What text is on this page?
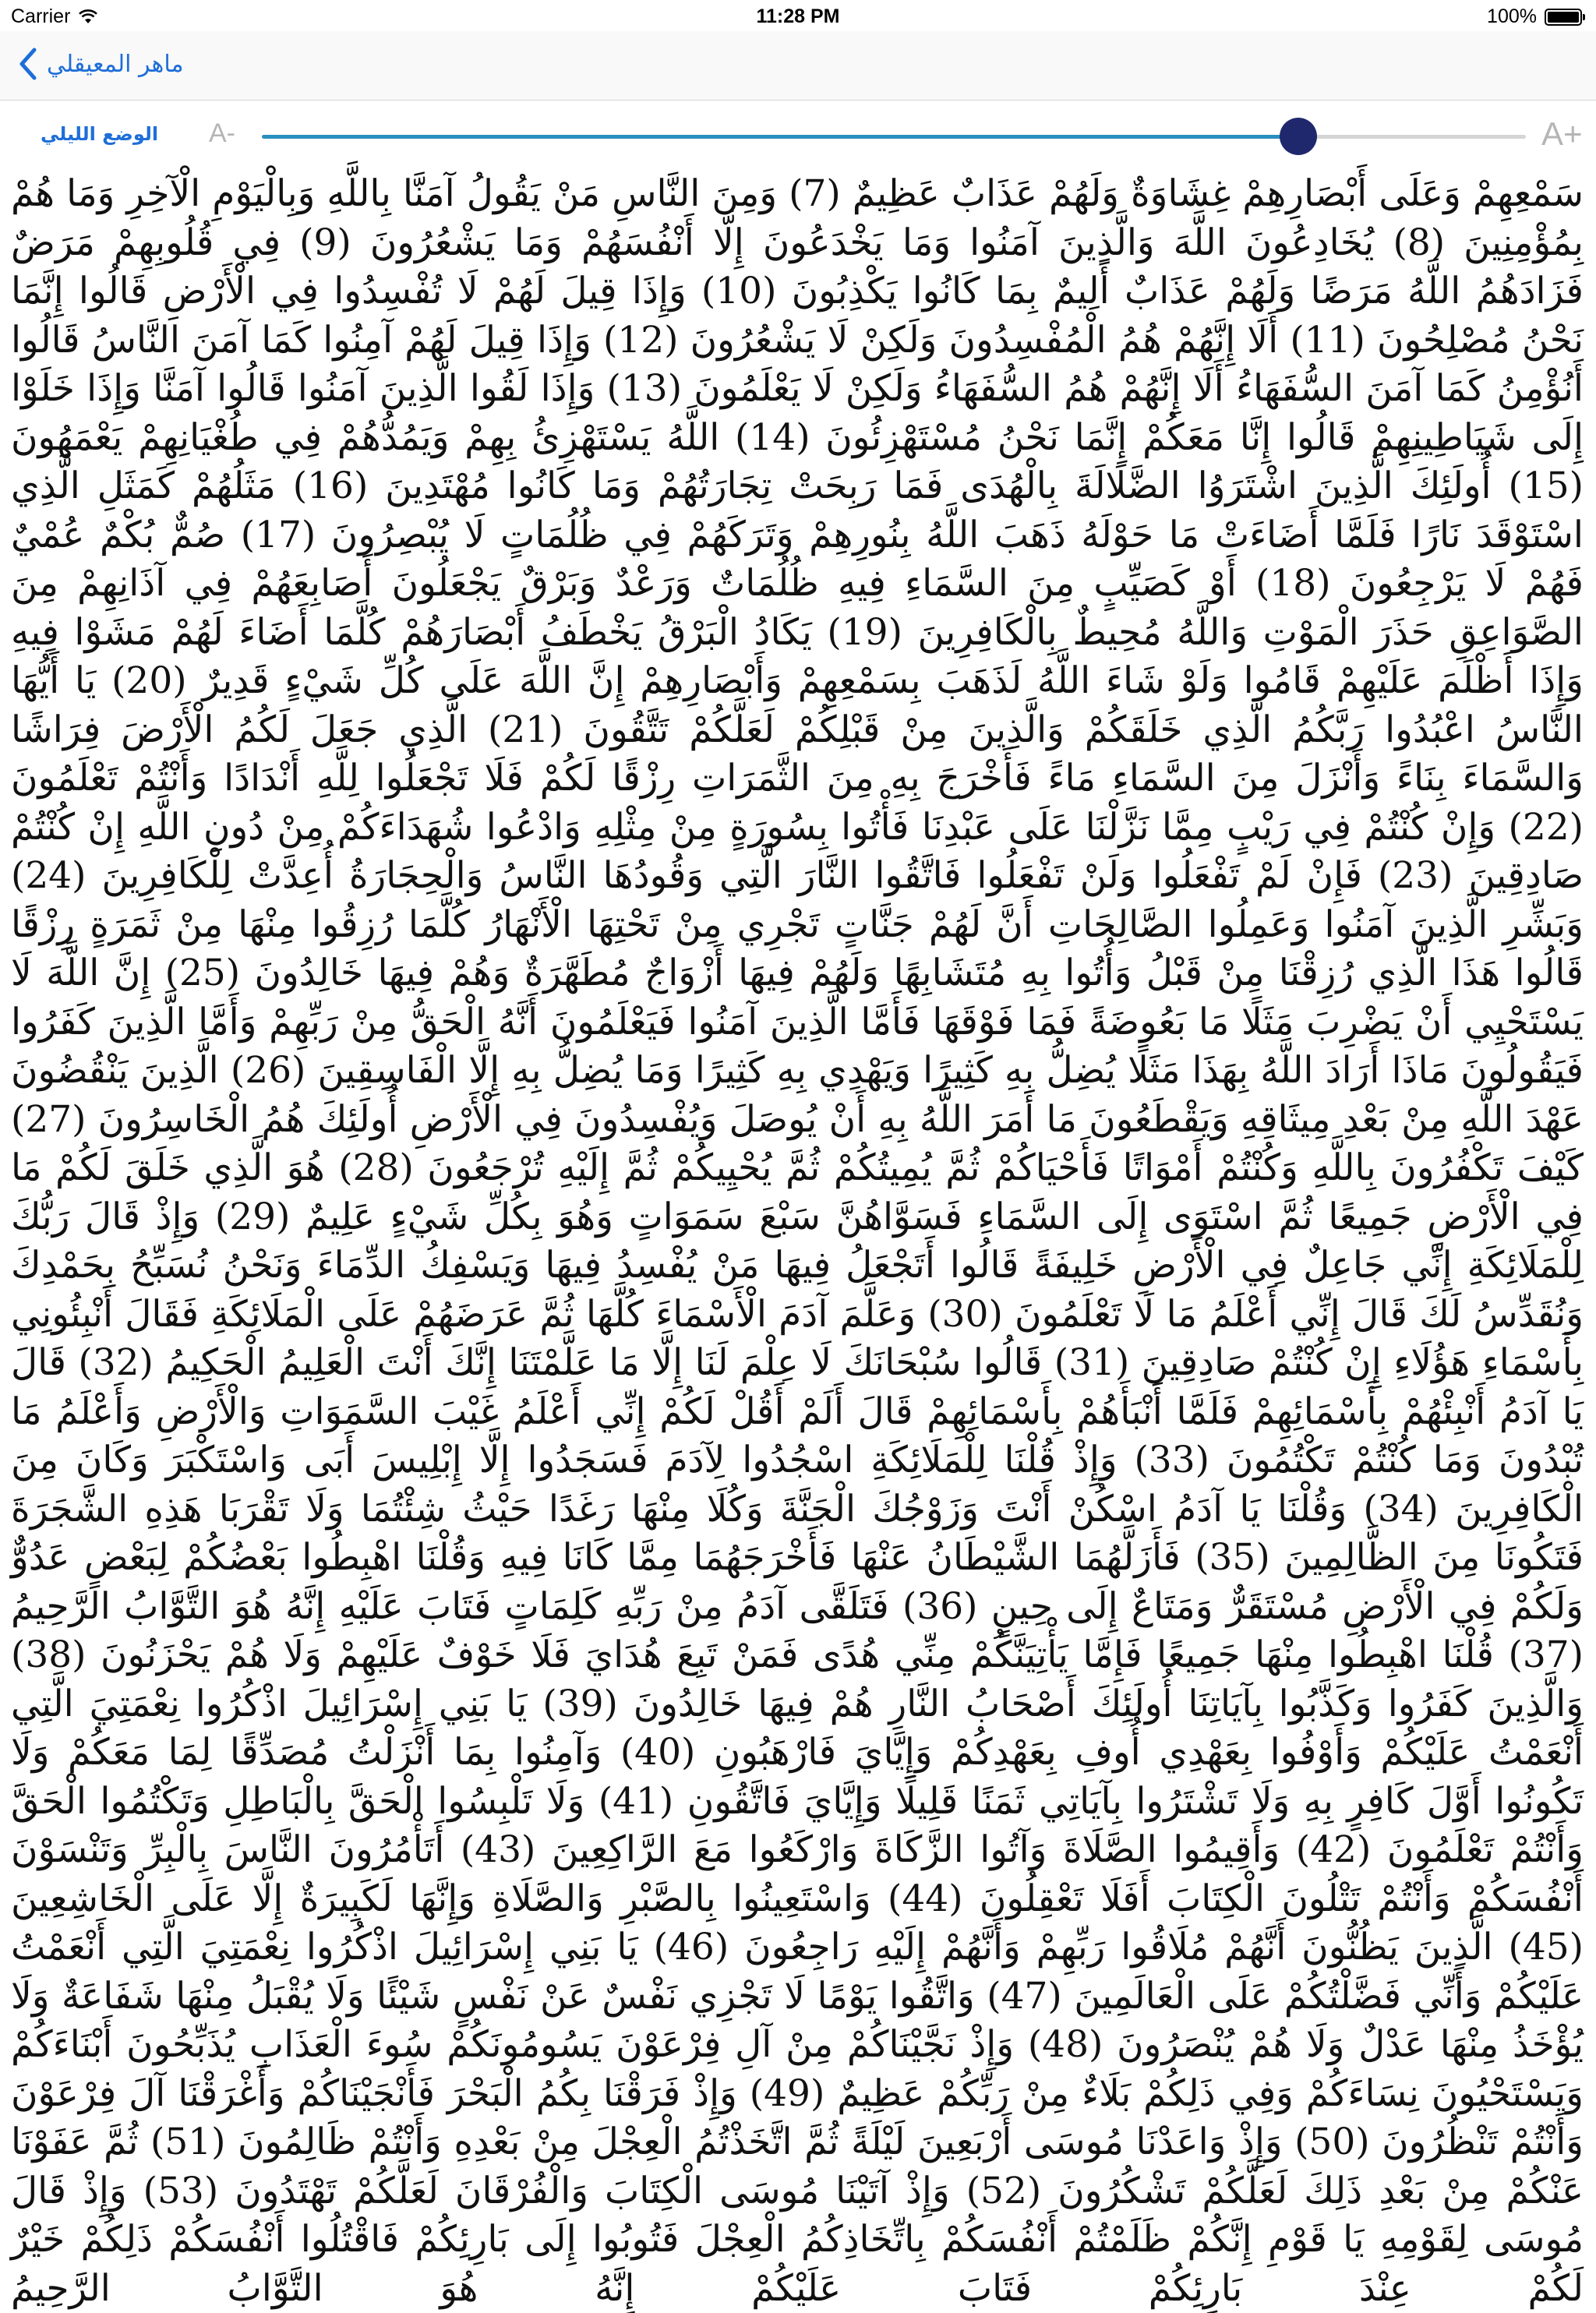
Carrier	11:28 PM	100%
ماهر المعيقلي
الوضع الليلي A-	A+
سَمْعِهِمْ وَعَلَى أَبْصَارِهِمْ غِشَاوَةٌ وَلَهُمْ عَذَابٌ عَظِيمٌ (7) وَمِنَ النَّاسِ مَنْ يَقُولُ آمَنَّا بِاللَّهِ وَبِالْيَوْمِ الْآخِرِ وَمَا هُمْ بِمُؤْمِنِينَ (8) يُخَادِعُونَ اللَّهَ وَالَّذِينَ آمَنُوا وَمَا يَخْدَعُونَ إِلَّا أَنْفُسَهُمْ وَمَا يَشْعُرُونَ (9) فِي قُلُوبِهِمْ مَرَضٌ فَزَادَهُمُ اللَّهُ مَرَضًا وَلَهُمْ عَذَابٌ أَلِيمٌ بِمَا كَانُوا يَكْذِبُونَ (10) وَإِذَا قِيلَ لَهُمْ لَا تُفْسِدُوا فِي الْأَرْضِ قَالُوا إِنَّمَا نَحْنُ مُصْلِحُونَ (11) أَلَا إِنَّهُمْ هُمُ الْمُفْسِدُونَ وَلَكِنْ لَا يَشْعُرُونَ (12) وَإِذَا قِيلَ لَهُمْ آمِنُوا كَمَا آمَنَ النَّاسُ قَالُوا أَنُؤْمِنُ كَمَا آمَنَ السُّفَهَاءُ أَلَا إِنَّهُمْ هُمُ السُّفَهَاءُ وَلَكِنْ لَا يَعْلَمُونَ (13) وَإِذَا لَقُوا الَّذِينَ آمَنُوا قَالُوا آمَنَّا وَإِذَا خَلَوْا إِلَى شَيَاطِينِهِمْ قَالُوا إِنَّا مَعَكُمْ إِنَّمَا نَحْنُ مُسْتَهْزِئُونَ (14) اللَّهُ يَسْتَهْزِئُ بِهِمْ وَيَمُدُّهُمْ فِي طُغْيَانِهِمْ يَعْمَهُونَ (15) أُولَئِكَ الَّذِينَ اشْتَرَوُا الضَّلَالَةَ بِالْهُدَى فَمَا رَبِحَتْ تِجَارَتُهُمْ وَمَا كَانُوا مُهْتَدِينَ (16) مَثَلُهُمْ كَمَثَلِ الَّذِي اسْتَوْقَدَ نَارًا فَلَمَّا أَضَاءَتْ مَا حَوْلَهُ ذَهَبَ اللَّهُ بِنُورِهِمْ وَتَرَكَهُمْ فِي ظُلُمَاتٍ لَا يُبْصِرُونَ (17) صُمٌّ بُكْمٌ عُمْيٌ فَهُمْ لَا يَرْجِعُونَ (18) أَوْ كَصَيِّبٍ مِنَ السَّمَاءِ فِيهِ ظُلُمَاتٌ وَرَعْدٌ وَبَرْقٌ يَجْعَلُونَ أَصَابِعَهُمْ فِي آذَانِهِمْ مِنَ الصَّوَاعِقِ حَذَرَ الْمَوْتِ وَاللَّهُ مُحِيطٌ بِالْكَافِرِينَ (19) يَكَادُ الْبَرْقُ يَخْطَفُ أَبْصَارَهُمْ كُلَّمَا أَضَاءَ لَهُمْ مَشَوْا فِيهِ وَإِذَا أَظْلَمَ عَلَيْهِمْ قَامُوا وَلَوْ شَاءَ اللَّهُ لَذَهَبَ بِسَمْعِهِمْ وَأَبْصَارِهِمْ إِنَّ اللَّهَ عَلَى كُلِّ شَيْءٍ قَدِيرٌ (20) يَا أَيُّهَا النَّاسُ اعْبُدُوا رَبَّكُمُ الَّذِي خَلَقَكُمْ وَالَّذِينَ مِنْ قَبْلِكُمْ لَعَلَّكُمْ تَتَّقُونَ (21) الَّذِي جَعَلَ لَكُمُ الْأَرْضَ فِرَاشًا وَالسَّمَاءَ بِنَاءً وَأَنْزَلَ مِنَ السَّمَاءِ مَاءً فَأَخْرَجَ بِهِ مِنَ الثَّمَرَاتِ رِزْقًا لَكُمْ فَلَا تَجْعَلُوا لِلَّهِ أَنْدَادًا وَأَنْتُمْ تَعْلَمُونَ (22) وَإِنْ كُنْتُمْ فِي رَيْبٍ مِمَّا نَزَّلْنَا عَلَى عَبْدِنَا فَأْتُوا بِسُورَةٍ مِنْ مِثْلِهِ وَادْعُوا شُهَدَاءَكُمْ مِنْ دُونِ اللَّهِ إِنْ كُنْتُمْ صَادِقِينَ (23) فَإِنْ لَمْ تَفْعَلُوا وَلَنْ تَفْعَلُوا فَاتَّقُوا النَّارَ الَّتِي وَقُودُهَا النَّاسُ وَالْحِجَارَةُ أُعِدَّتْ لِلْكَافِرِينَ (24) وَبَشِّرِ الَّذِينَ آمَنُوا وَعَمِلُوا الصَّالِحَاتِ أَنَّ لَهُمْ جَنَّاتٍ تَجْرِي مِنْ تَحْتِهَا الْأَنْهَارُ كُلَّمَا رُزِقُوا مِنْهَا مِنْ ثَمَرَةٍ رِزْقًا قَالُوا هَذَا الَّذِي رُزِقْنَا مِنْ قَبْلُ وَأُتُوا بِهِ مُتَشَابِهًا وَلَهُمْ فِيهَا أَزْوَاجٌ مُطَهَّرَةٌ وَهُمْ فِيهَا خَالِدُونَ (25) إِنَّ اللَّهَ لَا يَسْتَحْيِي أَنْ يَضْرِبَ مَثَلًا مَا بَعُوضَةً فَمَا فَوْقَهَا فَأَمَّا الَّذِينَ آمَنُوا فَيَعْلَمُونَ أَنَّهُ الْحَقُّ مِنْ رَبِّهِمْ وَأَمَّا الَّذِينَ كَفَرُوا فَيَقُولُونَ مَاذَا أَرَادَ اللَّهُ بِهَذَا مَثَلًا يُضِلُّ بِهِ كَثِيرًا وَيَهْدِي بِهِ كَثِيرًا وَمَا يُضِلُّ بِهِ إِلَّا الْفَاسِقِينَ (26) الَّذِينَ يَنْقُضُونَ عَهْدَ اللَّهِ مِنْ بَعْدِ مِيثَاقِهِ وَيَقْطَعُونَ مَا أَمَرَ اللَّهُ بِهِ أَنْ يُوصَلَ وَيُفْسِدُونَ فِي الْأَرْضِ أُولَئِكَ هُمُ الْخَاسِرُونَ (27) كَيْفَ تَكْفُرُونَ بِاللَّهِ وَكُنْتُمْ أَمْوَاتًا فَأَحْيَاكُمْ ثُمَّ يُمِيتُكُمْ ثُمَّ يُحْيِيكُمْ ثُمَّ إِلَيْهِ تُرْجَعُونَ (28) هُوَ الَّذِي خَلَقَ لَكُمْ مَا فِي الْأَرْضِ جَمِيعًا ثُمَّ اسْتَوَى إِلَى السَّمَاءِ فَسَوَّاهُنَّ سَبْعَ سَمَوَاتٍ وَهُوَ بِكُلِّ شَيْءٍ عَلِيمٌ (29) وَإِذْ قَالَ رَبُّكَ لِلْمَلَائِكَةِ إِنِّي جَاعِلٌ فِي الْأَرْضِ خَلِيفَةً قَالُوا أَتَجْعَلُ فِيهَا مَنْ يُفْسِدُ فِيهَا وَيَسْفِكُ الدِّمَاءَ وَنَحْنُ نُسَبِّحُ بِحَمْدِكَ وَنُقَدِّسُ لَكَ قَالَ إِنِّي أَعْلَمُ مَا لَا تَعْلَمُونَ (30) وَعَلَّمَ آدَمَ الْأَسْمَاءَ كُلَّهَا ثُمَّ عَرَضَهُمْ عَلَى الْمَلَائِكَةِ فَقَالَ أَنْبِئُونِي بِأَسْمَاءِ هَؤُلَاءِ إِنْ كُنْتُمْ صَادِقِينَ (31) قَالُوا سُبْحَانَكَ لَا عِلْمَ لَنَا إِلَّا مَا عَلَّمْتَنَا إِنَّكَ أَنْتَ الْعَلِيمُ الْحَكِيمُ (32) قَالَ يَا آدَمُ أَنْبِئْهُمْ بِأَسْمَائِهِمْ فَلَمَّا أَنْبَأَهُمْ بِأَسْمَائِهِمْ قَالَ أَلَمْ أَقُلْ لَكُمْ إِنِّي أَعْلَمُ غَيْبَ السَّمَوَاتِ وَالْأَرْضِ وَأَعْلَمُ مَا تُبْدُونَ وَمَا كُنْتُمْ تَكْتُمُونَ (33) وَإِذْ قُلْنَا لِلْمَلَائِكَةِ اسْجُدُوا لِآدَمَ فَسَجَدُوا إِلَّا إِبْلِيسَ أَبَى وَاسْتَكْبَرَ وَكَانَ مِنَ الْكَافِرِينَ (34) وَقُلْنَا يَا آدَمُ اسْكُنْ أَنْتَ وَزَوْجُكَ الْجَنَّةَ وَكُلَا مِنْهَا رَغَدًا حَيْثُ شِئْتُمَا وَلَا تَقْرَبَا هَذِهِ الشَّجَرَةَ فَتَكُونَا مِنَ الظَّالِمِينَ (35) فَأَزَلَّهُمَا الشَّيْطَانُ عَنْهَا فَأَخْرَجَهُمَا مِمَّا كَانَا فِيهِ وَقُلْنَا اهْبِطُوا بَعْضُكُمْ لِبَعْضٍ عَدُوٌّ وَلَكُمْ فِي الْأَرْضِ مُسْتَقَرٌّ وَمَتَاعٌ إِلَى حِينٍ (36) فَتَلَقَّى آدَمُ مِنْ رَبِّهِ كَلِمَاتٍ فَتَابَ عَلَيْهِ إِنَّهُ هُوَ التَّوَّابُ الرَّحِيمُ (37) قُلْنَا اهْبِطُوا مِنْهَا جَمِيعًا فَإِمَّا يَأْتِيَنَّكُمْ مِنِّي هُدًى فَمَنْ تَبِعَ هُدَايَ فَلَا خَوْفٌ عَلَيْهِمْ وَلَا هُمْ يَحْزَنُونَ (38) وَالَّذِينَ كَفَرُوا وَكَذَّبُوا بِآيَاتِنَا أُولَئِكَ أَصْحَابُ النَّارِ هُمْ فِيهَا خَالِدُونَ (39) يَا بَنِي إِسْرَائِيلَ اذْكُرُوا نِعْمَتِيَ الَّتِي أَنْعَمْتُ عَلَيْكُمْ وَأَوْفُوا بِعَهْدِي أُوفِ بِعَهْدِكُمْ وَإِيَّايَ فَارْهَبُونِ (40) وَآمِنُوا بِمَا أَنْزَلْتُ مُصَدِّقًا لِمَا مَعَكُمْ وَلَا تَكُونُوا أَوَّلَ كَافِرٍ بِهِ وَلَا تَشْتَرُوا بِآيَاتِي ثَمَنًا قَلِيلًا وَإِيَّايَ فَاتَّقُونِ (41) وَلَا تَلْبِسُوا الْحَقَّ بِالْبَاطِلِ وَتَكْتُمُوا الْحَقَّ وَأَنْتُمْ تَعْلَمُونَ (42) وَأَقِيمُوا الصَّلَاةَ وَآتُوا الزَّكَاةَ وَارْكَعُوا مَعَ الرَّاكِعِينَ (43) أَتَأْمُرُونَ النَّاسَ بِالْبِرِّ وَتَنْسَوْنَ أَنْفُسَكُمْ وَأَنْتُمْ تَتْلُونَ الْكِتَابَ أَفَلَا تَعْقِلُونَ (44) وَاسْتَعِينُوا بِالصَّبْرِ وَالصَّلَاةِ وَإِنَّهَا لَكَبِيرَةٌ إِلَّا عَلَى الْخَاشِعِينَ (45) الَّذِينَ يَظُنُّونَ أَنَّهُمْ مُلَاقُوا رَبِّهِمْ وَأَنَّهُمْ إِلَيْهِ رَاجِعُونَ (46) يَا بَنِي إِسْرَائِيلَ اذْكُرُوا نِعْمَتِيَ الَّتِي أَنْعَمْتُ عَلَيْكُمْ وَأَنِّي فَضَّلْتُكُمْ عَلَى الْعَالَمِينَ (47) وَاتَّقُوا يَوْمًا لَا تَجْزِي نَفْسٌ عَنْ نَفْسٍ شَيْئًا وَلَا يُقْبَلُ مِنْهَا شَفَاعَةٌ وَلَا يُؤْخَذُ مِنْهَا عَدْلٌ وَلَا هُمْ يُنْصَرُونَ (48) وَإِذْ نَجَّيْنَاكُمْ مِنْ آلِ فِرْعَوْنَ يَسُومُونَكُمْ سُوءَ الْعَذَابِ يُذَبِّحُونَ أَبْنَاءَكُمْ وَيَسْتَحْيُونَ نِسَاءَكُمْ وَفِي ذَلِكُمْ بَلَاءٌ مِنْ رَبِّكُمْ عَظِيمٌ (49) وَإِذْ فَرَقْنَا بِكُمُ الْبَحْرَ فَأَنْجَيْنَاكُمْ وَأَغْرَقْنَا آلَ فِرْعَوْنَ وَأَنْتُمْ تَنْظُرُونَ (50) وَإِذْ وَاعَدْنَا مُوسَى أَرْبَعِينَ لَيْلَةً ثُمَّ اتَّخَذْتُمُ الْعِجْلَ مِنْ بَعْدِهِ وَأَنْتُمْ ظَالِمُونَ (51) ثُمَّ عَفَوْنَا عَنْكُمْ مِنْ بَعْدِ ذَلِكَ لَعَلَّكُمْ تَشْكُرُونَ (52) وَإِذْ آتَيْنَا مُوسَى الْكِتَابَ وَالْفُرْقَانَ لَعَلَّكُمْ تَهْتَدُونَ (53) وَإِذْ قَالَ مُوسَى لِقَوْمِهِ يَا قَوْمِ إِنَّكُمْ ظَلَمْتُمْ أَنْفُسَكُمْ بِاتِّخَاذِكُمُ الْعِجْلَ فَتُوبُوا إِلَى بَارِئِكُمْ فَاقْتُلُوا أَنْفُسَكُمْ ذَلِكُمْ خَيْرٌ لَكُمْ عِنْدَ بَارِئِكُمْ فَتَابَ عَلَيْكُمْ إِنَّهُ هُوَ التَّوَّابُ الرَّحِيمُ
